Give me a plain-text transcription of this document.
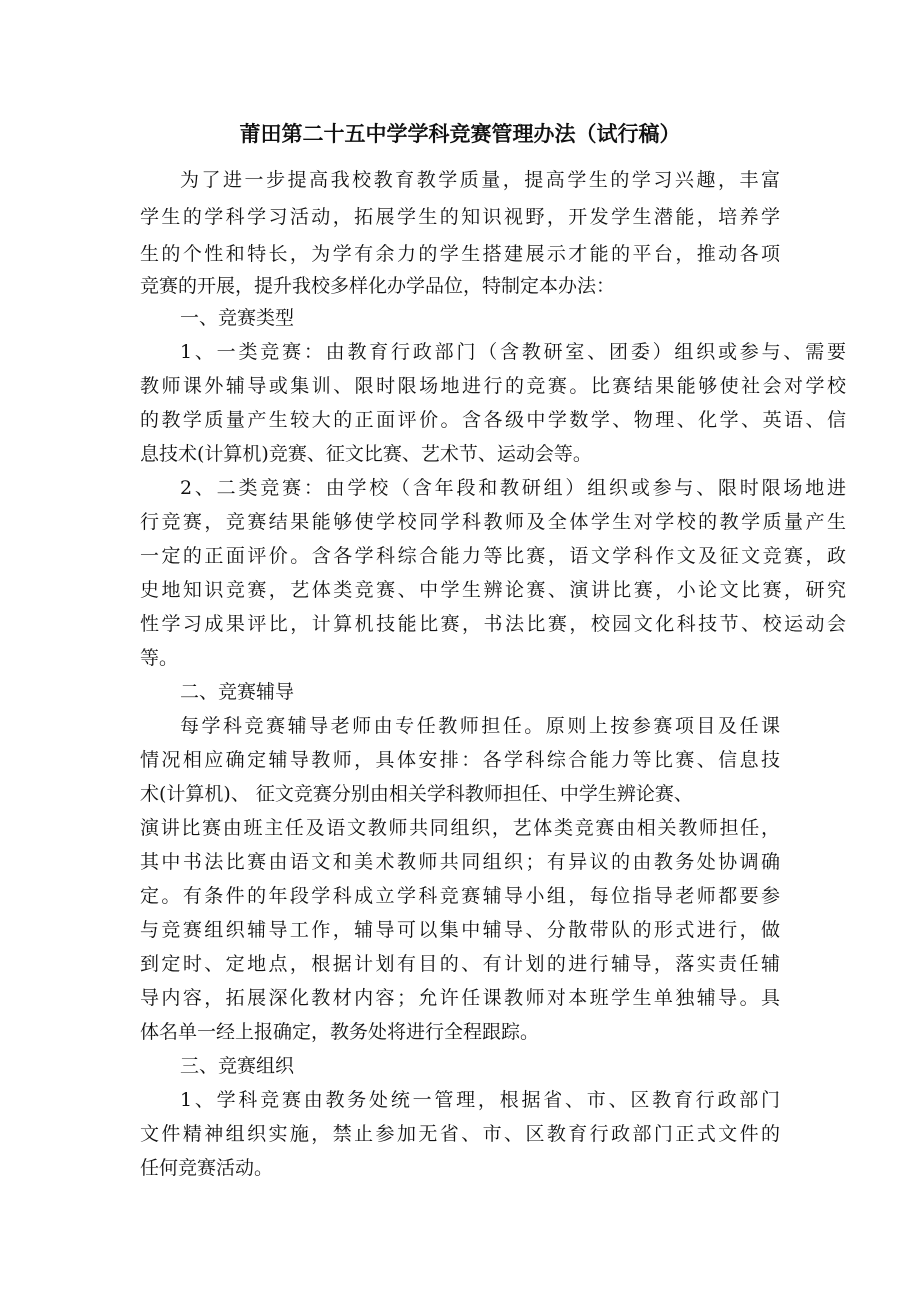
莆田第二十五中学学科竞赛管理办法（试行稿）
为了进一步提高我校教育教学质量，提高学生的学习兴趣，丰富
学生的学科学习活动，拓展学生的知识视野，开发学生潜能，培养学
生的个性和特长，为学有余力的学生搭建展示才能的平台，推动各项
竞赛的开展，提升我校多样化办学品位，特制定本办法：
一、竞赛类型
1、一类竞赛：由教育行政部门（含教研室、团委）组织或参与、需要
教师课外辅导或集训、限时限场地进行的竞赛。比赛结果能够使社会对学校
的教学质量产生较大的正面评价。含各级中学数学、物理、化学、英语、信
息技术(计算机)竞赛、征文比赛、艺术节、运动会等。
2、二类竞赛：由学校（含年段和教研组）组织或参与、限时限场地进
行竞赛，竞赛结果能够使学校同学科教师及全体学生对学校的教学质量产生
一定的正面评价。含各学科综合能力等比赛，语文学科作文及征文竞赛，政
史地知识竞赛，艺体类竞赛、中学生辨论赛、演讲比赛，小论文比赛，研究
性学习成果评比，计算机技能比赛，书法比赛，校园文化科技节、校运动会
等。
二、竞赛辅导
每学科竞赛辅导老师由专任教师担任。原则上按参赛项目及任课
情况相应确定辅导教师，具体安排：各学科综合能力等比赛、信息技
术(计算机)、 征文竞赛分别由相关学科教师担任、中学生辨论赛、
演讲比赛由班主任及语文教师共同组织，艺体类竞赛由相关教师担任，
其中书法比赛由语文和美术教师共同组织；有异议的由教务处协调确
定。有条件的年段学科成立学科竞赛辅导小组，每位指导老师都要参
与竞赛组织辅导工作，辅导可以集中辅导、分散带队的形式进行，做
到定时、定地点，根据计划有目的、有计划的进行辅导，落实责任辅
导内容，拓展深化教材内容；允许任课教师对本班学生单独辅导。具
体名单一经上报确定，教务处将进行全程跟踪。
三、竞赛组织
1、学科竞赛由教务处统一管理，根据省、市、区教育行政部门
文件精神组织实施，禁止参加无省、市、区教育行政部门正式文件的
任何竞赛活动。
